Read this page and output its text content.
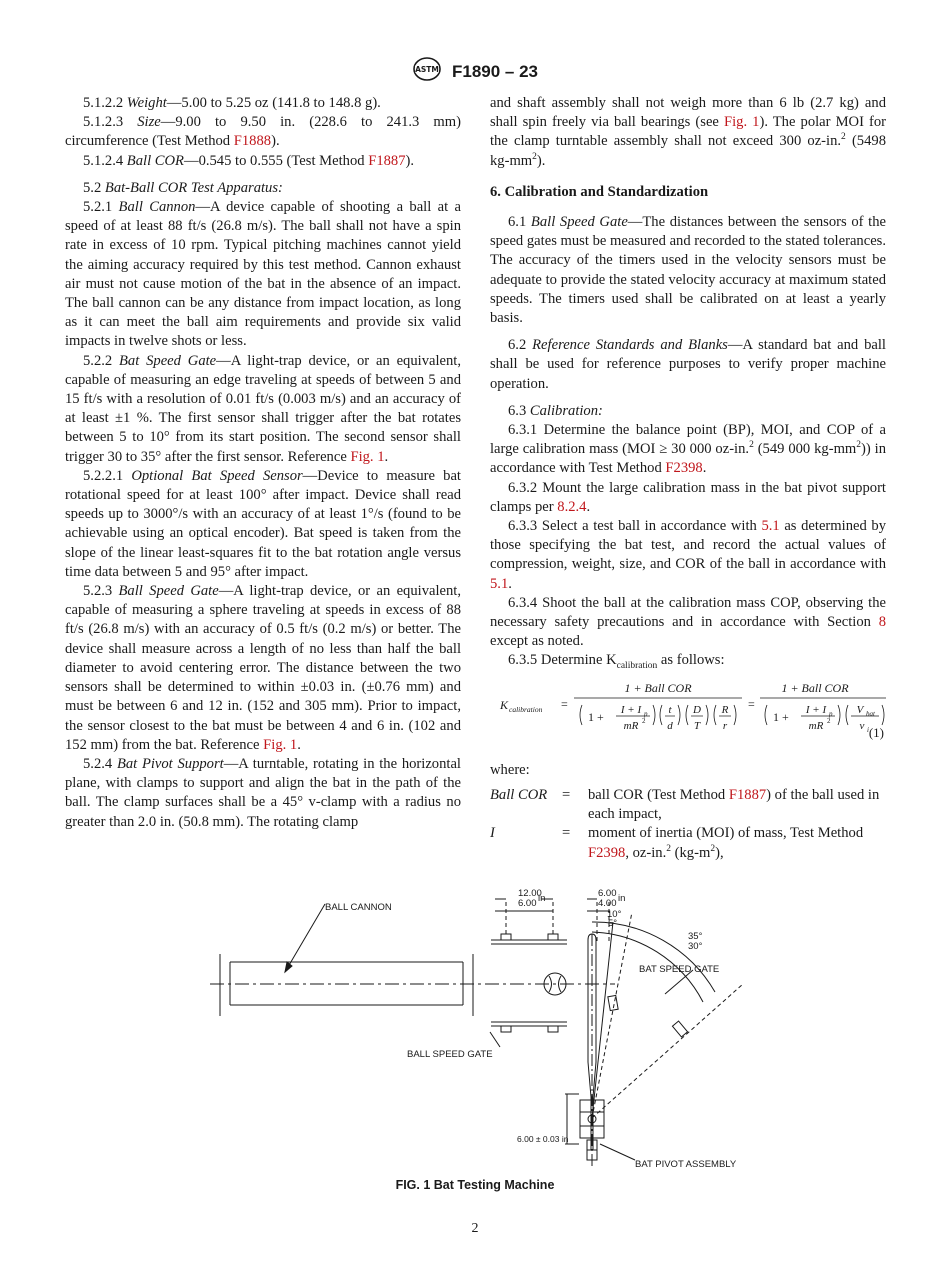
ASTM F1890 – 23

5.1.2.2 Weight—5.00 to 5.25 oz (141.8 to 148.8 g).

5.1.2.3 Size—9.00 to 9.50 in. (228.6 to 241.3 mm) circumference (Test Method F1888).

5.1.2.4 Ball COR—0.545 to 0.555 (Test Method F1887).

5.2 Bat-Ball COR Test Apparatus:

5.2.1 Ball Cannon—A device capable of shooting a ball at a speed of at least 88 ft/s (26.8 m/s). The ball shall not have a spin rate in excess of 10 rpm. Typical pitching machines cannot yield the aiming accuracy required by this test method. Cannon exhaust air must not cause motion of the bat in the absence of an impact. The ball cannon can be any distance from impact location, as long as it can meet the ball aim requirements and provide six valid impacts in twelve shots or less.

5.2.2 Bat Speed Gate—A light-trap device, or an equivalent, capable of measuring an edge traveling at speeds of between 5 and 15 ft/s with a resolution of 0.01 ft/s (0.003 m/s) and an accuracy of at least ±1 %. The first sensor shall trigger after the bat rotates between 5 to 10° from its start position. The second sensor shall trigger 30 to 35° after the first sensor. Reference Fig. 1.

5.2.2.1 Optional Bat Speed Sensor—Device to measure bat rotational speed for at least 100° after impact. Device shall read speeds up to 3000°/s with an accuracy of at least 1°/s (found to be achievable using an optical encoder). Bat speed is taken from the slope of the linear least-squares fit to the bat rotation angle versus time data between 5 and 95° after impact.

5.2.3 Ball Speed Gate—A light-trap device, or an equivalent, capable of measuring a sphere traveling at speeds in excess of 88 ft/s (26.8 m/s) with an accuracy of 0.5 ft/s (0.2 m/s) or better. The device shall measure across a length of no less than half the ball diameter to avoid centering error. The distance between the two sensors shall be determined to within ±0.03 in. (±0.76 mm) and must be between 6 and 12 in. (152 and 305 mm). Prior to impact, the sensor closest to the bat must be between 4 and 6 in. (102 and 152 mm) from the bat. Reference Fig. 1.

5.2.4 Bat Pivot Support—A turntable, rotating in the horizontal plane, with clamps to support and align the bat in the path of the ball. The clamp surfaces shall be a 45° v-clamp with a radius no greater than 2.0 in. (50.8 mm). The rotating clamp

and shaft assembly shall not weigh more than 6 lb (2.7 kg) and shall spin freely via ball bearings (see Fig. 1). The polar MOI for the clamp turntable assembly shall not exceed 300 oz-in.$^2$ (5498 $kg-mm^2$).

6. Calibration and Standardization

6.1 Ball Speed Gate—The distances between the sensors of the speed gates must be measured and recorded to the stated tolerances. The accuracy of the timers used in the velocity sensors must be adequate to provide the stated velocity accuracy at maximum stated speeds. The timers used shall be calibrated on at least a yearly basis.

6.2 Reference Standards and Blanks—A standard bat and ball shall be used for reference purposes to verify proper machine operation.

6.3 Calibration:

6.3.1 Determine the balance point (BP), MOI, and COP of a large calibration mass (MOI ≥ 30 000 oz-in.$^2$ (549 000 $kg-mm^2$)) in accordance with Test Method F2398.

6.3.2 Mount the large calibration mass in the bat pivot support clamps per 8.2.4.

6.3.3 Select a test ball in accordance with 5.1 as determined by those specifying the bat test, and record the actual values of compression, weight, size, and COR of the ball in accordance with 5.1.

6.3.4 Shoot the ball at the calibration mass COP, observing the necessary safety precautions and in accordance with Section 8 except as noted.

6.3.5 Determine $K_{calibration}$ as follows:

K calibration =
1 + Ball COR
1 + I + I p
mR 2
t
d
D
T
R
r
=
1 + Ball COR
1 + I + I p
mR 2
V bat
v i (1)

where:

Ball COR	=	ball COR (Test Method F1887) of the ball used in each impact,
I	=	moment of inertia (MOI) of mass, Test Method F2398, oz-in.$^2$ $(kg-m^2)$,
BALL CANNON
BALL SPEED GATE
BAT SPEED GATE
BAT PIVOT ASSEMBLY
12.00
6.00 in	6.00
4.00 in
10°
5°
35°
30°
6.00 ± 0.03 in
FIG. 1 Bat Testing Machine
2
